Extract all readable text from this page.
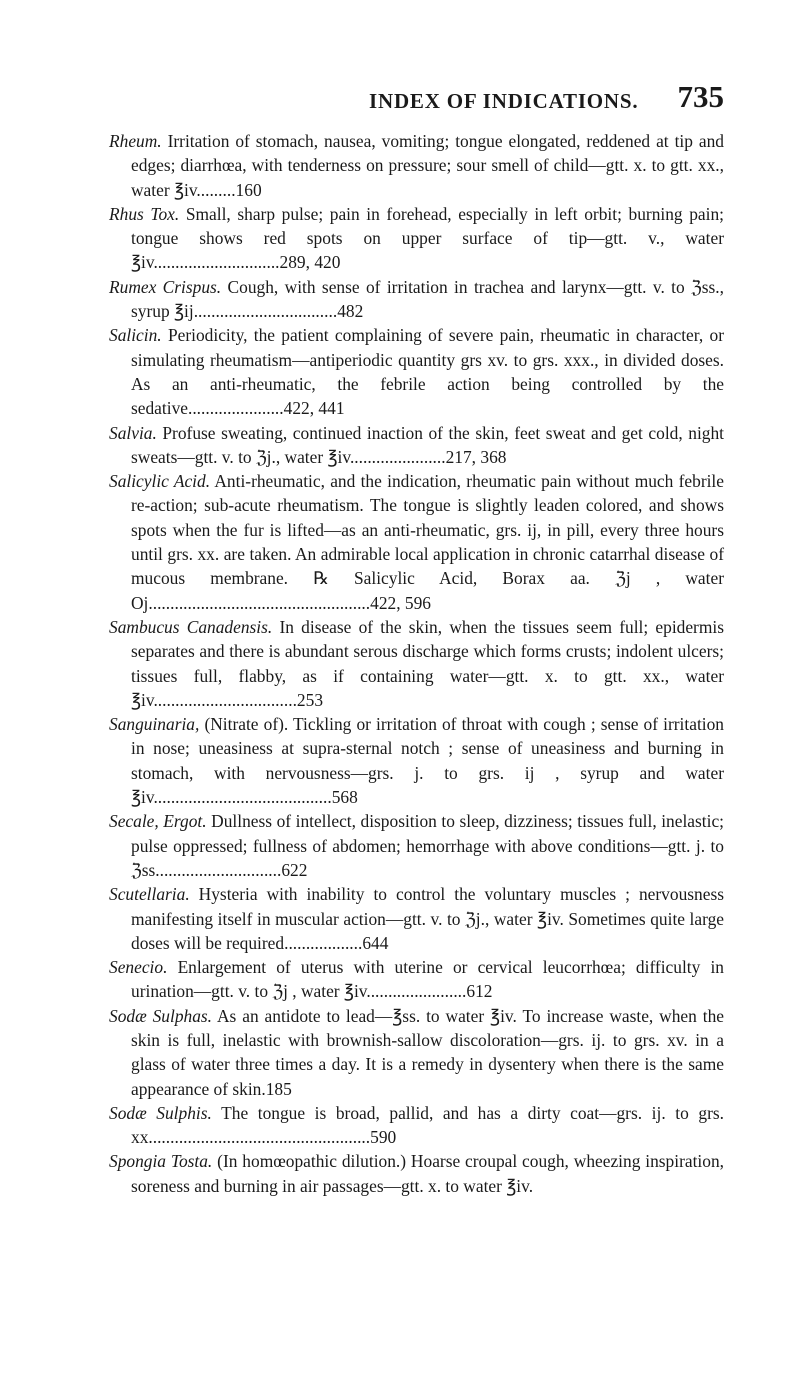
INDEX OF INDICATIONS. 735

Rheum. Irritation of stomach, nausea, vomiting; tongue elongated, reddened at tip and edges; diarrhœa, with tenderness on pressure; sour smell of child—gtt. x. to gtt. xx., water ℥iv.........160

Rhus Tox. Small, sharp pulse; pain in forehead, especially in left orbit; burning pain; tongue shows red spots on upper surface of tip—gtt. v., water ℥iv.............................289, 420

Rumex Crispus. Cough, with sense of irritation in trachea and larynx—gtt. v. to ℨss., syrup ℥ij.................................482

Salicin. Periodicity, the patient complaining of severe pain, rheumatic in character, or simulating rheumatism—antiperiodic quantity grs xv. to grs. xxx., in divided doses. As an anti-rheumatic, the febrile action being controlled by the sedative......................422, 441

Salvia. Profuse sweating, continued inaction of the skin, feet sweat and get cold, night sweats—gtt. v. to ℨj., water ℥iv......................217, 368

Salicylic Acid. Anti-rheumatic, and the indication, rheumatic pain without much febrile re-action; sub-acute rheumatism. The tongue is slightly leaden colored, and shows spots when the fur is lifted—as an anti-rheumatic, grs. ij, in pill, every three hours until grs. xx. are taken. An admirable local application in chronic catarrhal disease of mucous membrane. ℞ Salicylic Acid, Borax aa. ℨj , water Oj...................................................422, 596

Sambucus Canadensis. In disease of the skin, when the tissues seem full; epidermis separates and there is abundant serous discharge which forms crusts; indolent ulcers; tissues full, flabby, as if containing water—gtt. x. to gtt. xx., water ℥iv.................................253

Sanguinaria, (Nitrate of). Tickling or irritation of throat with cough ; sense of irritation in nose; uneasiness at supra-sternal notch ; sense of uneasiness and burning in stomach, with nervousness—grs. j. to grs. ij , syrup and water ℥iv.........................................568

Secale, Ergot. Dullness of intellect, disposition to sleep, dizziness; tissues full, inelastic; pulse oppressed; fullness of abdomen; hemorrhage with above conditions—gtt. j. to ℨss.............................622

Scutellaria. Hysteria with inability to control the voluntary muscles ; nervousness manifesting itself in muscular action—gtt. v. to ℨj., water ℥iv. Sometimes quite large doses will be required..................644

Senecio. Enlargement of uterus with uterine or cervical leucorrhœa; difficulty in urination—gtt. v. to ℨj , water ℥iv.......................612

Sodæ Sulphas. As an antidote to lead—℥ss. to water ℥iv. To increase waste, when the skin is full, inelastic with brownish-sallow discoloration—grs. ij. to grs. xv. in a glass of water three times a day. It is a remedy in dysentery when there is the same appearance of skin.185

Sodæ Sulphis. The tongue is broad, pallid, and has a dirty coat—grs. ij. to grs. xx...................................................590

Spongia Tosta. (In homœopathic dilution.) Hoarse croupal cough, wheezing inspiration, soreness and burning in air passages—gtt. x. to water ℥iv.
